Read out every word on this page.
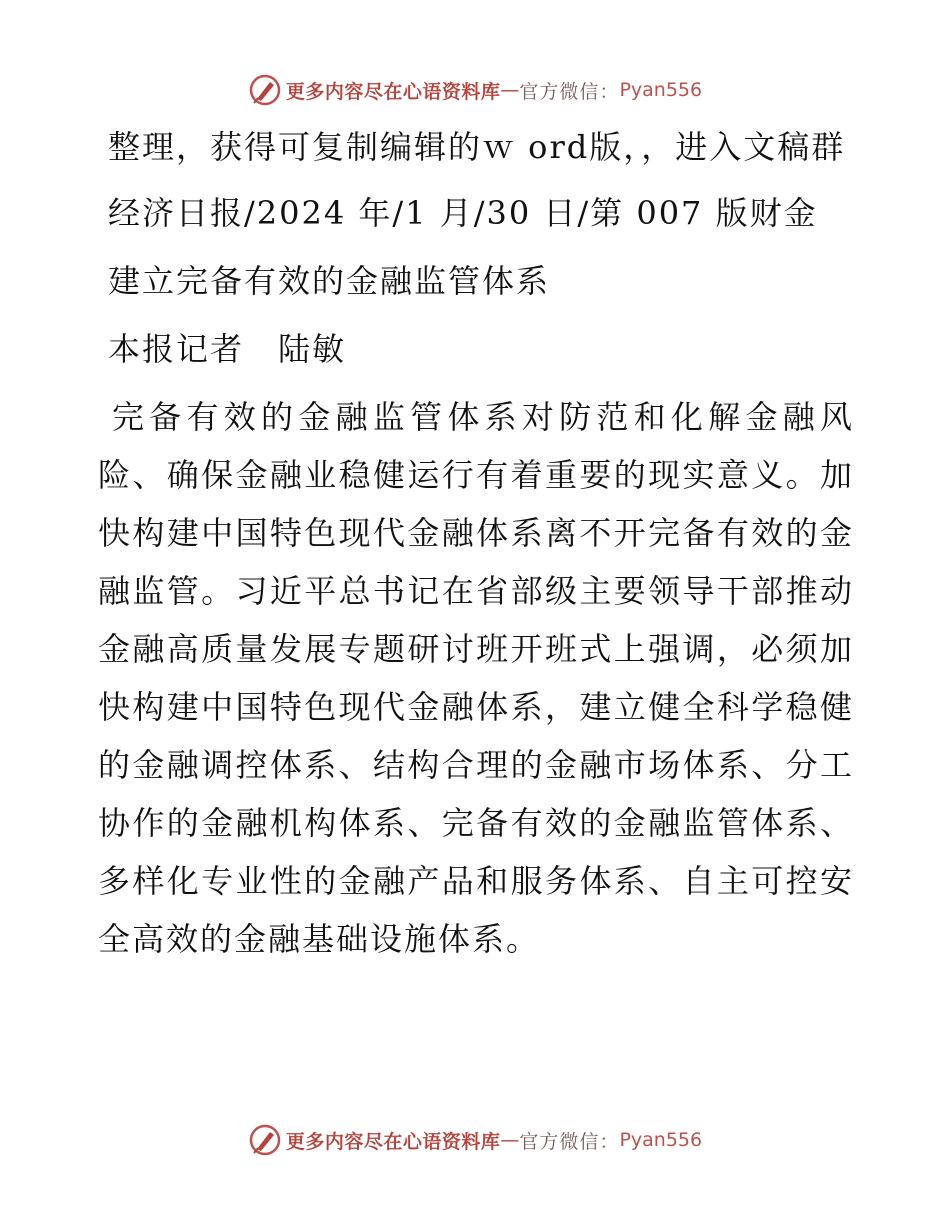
更多内容尽在心语资料库 — 官方微信： Pyan556

整理，获得可复制编辑的ｗ ord版，，进入文稿群

经济日报/2024 年/1 月/30 日/第 007 版财金

建立完备有效的金融监管体系

本报记者　陆敏

完备有效的金融监管体系对防范和化解金融风险、确保金融业稳健运行有着重要的现实意义。加快构建中国特色现代金融体系离不开完备有效的金融监管。习近平总书记在省部级主要领导干部推动金融高质量发展专题研讨班开班式上强调，必须加快构建中国特色现代金融体系，建立健全科学稳健的金融调控体系、结构合理的金融市场体系、分工协作的金融机构体系、完备有效的金融监管体系、多样化专业性的金融产品和服务体系、自主可控安全高效的金融基础设施体系。

更多内容尽在心语资料库 — 官方微信： Pyan556
